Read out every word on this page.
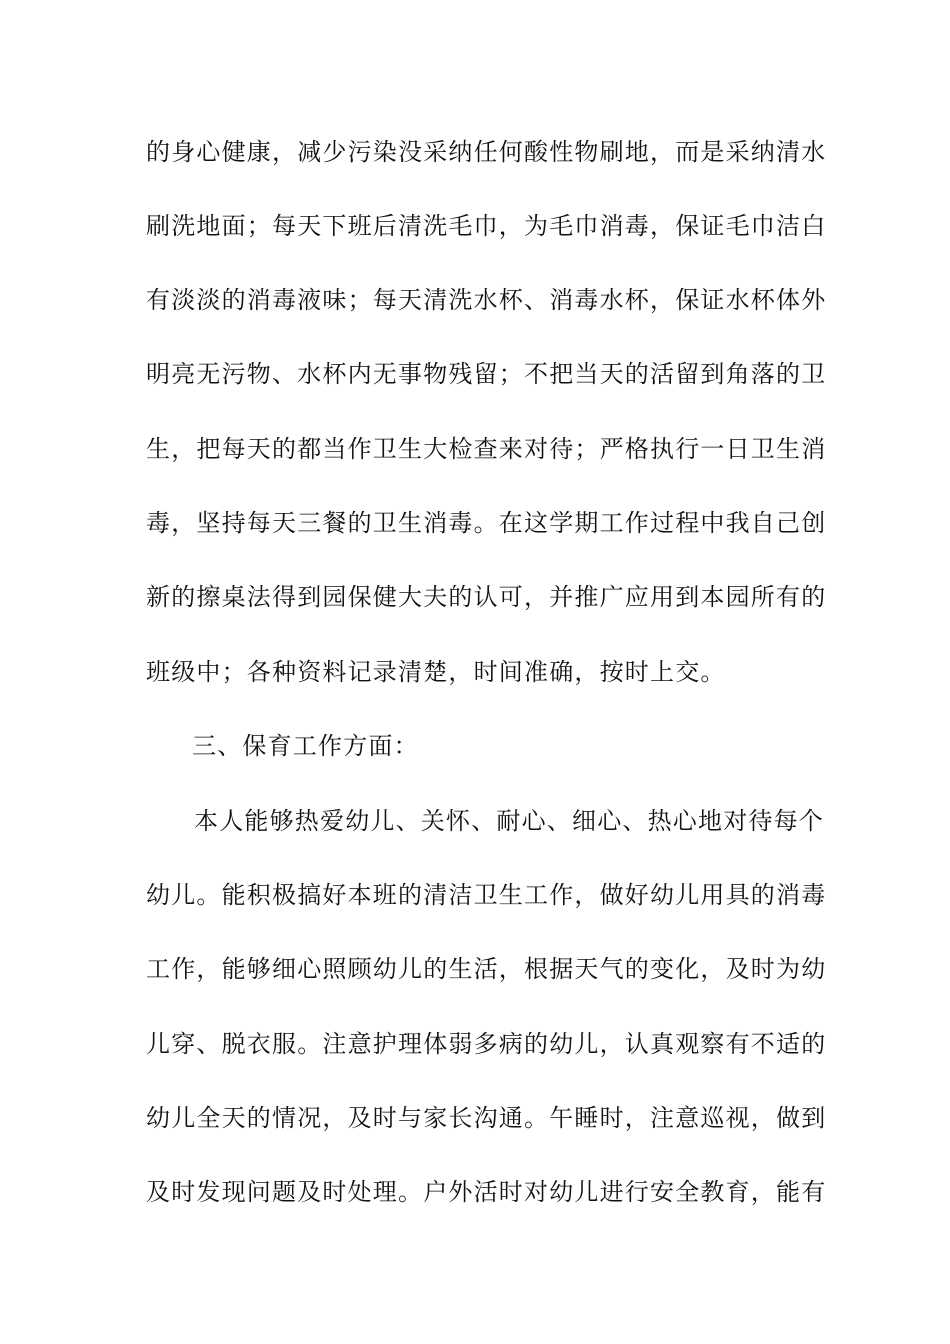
的身心健康，减少污染没采纳任何酸性物刷地，而是采纳清水
刷洗地面；每天下班后清洗毛巾，为毛巾消毒，保证毛巾洁白
有淡淡的消毒液味；每天清洗水杯、消毒水杯，保证水杯体外
明亮无污物、水杯内无事物残留；不把当天的活留到角落的卫
生，把每天的都当作卫生大检查来对待；严格执行一日卫生消
毒，坚持每天三餐的卫生消毒。在这学期工作过程中我自己创
新的擦桌法得到园保健大夫的认可，并推广应用到本园所有的
班级中；各种资料记录清楚，时间准确，按时上交。
三、保育工作方面：
本人能够热爱幼儿、关怀、耐心、细心、热心地对待每个
幼儿。能积极搞好本班的清洁卫生工作，做好幼儿用具的消毒
工作，能够细心照顾幼儿的生活，根据天气的变化，及时为幼
儿穿、脱衣服。注意护理体弱多病的幼儿，认真观察有不适的
幼儿全天的情况，及时与家长沟通。午睡时，注意巡视，做到
及时发现问题及时处理。户外活时对幼儿进行安全教育，能有
